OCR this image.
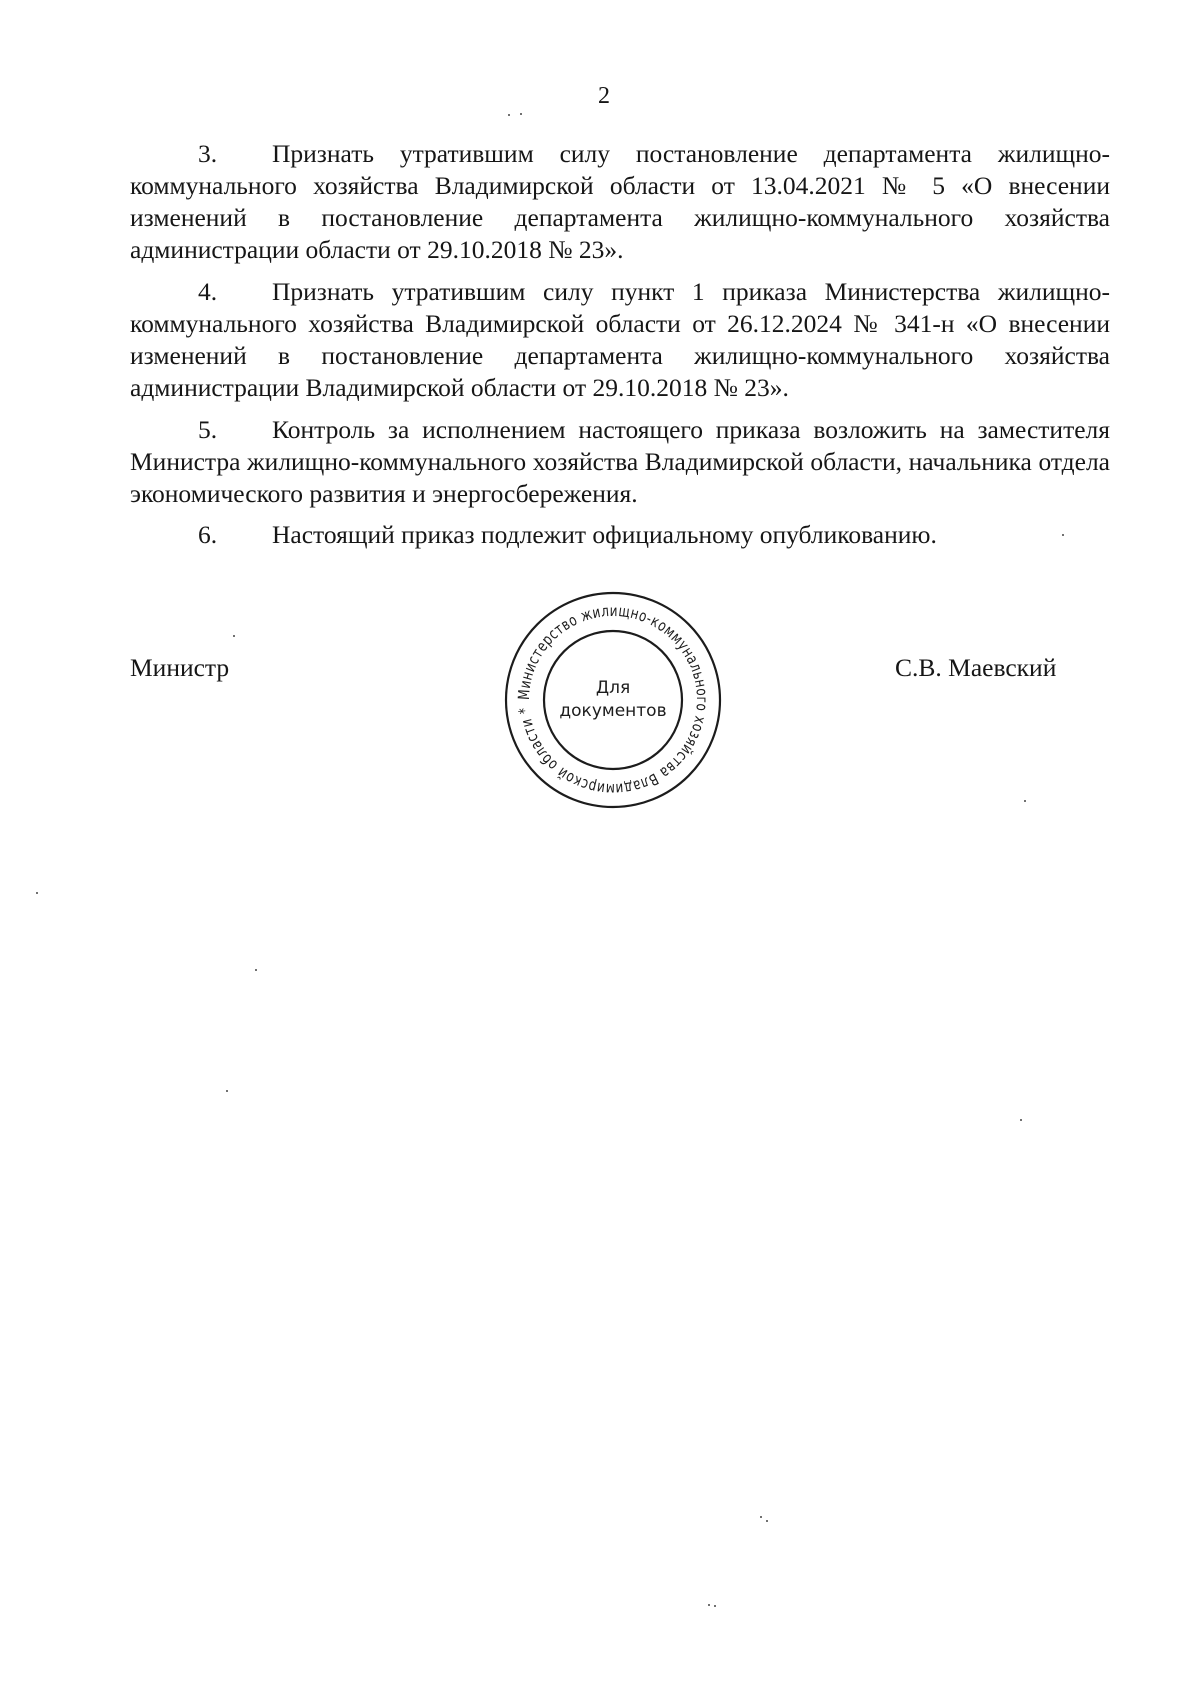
2

3. Признать утратившим силу постановление департамента жилищно-коммунального хозяйства Владимирской области от 13.04.2021 № 5 «О внесении изменений в постановление департамента жилищно-коммунального хозяйства администрации области от 29.10.2018 № 23».

4. Признать утратившим силу пункт 1 приказа Министерства жилищно-коммунального хозяйства Владимирской области от 26.12.2024 № 341-н «О внесении изменений в постановление департамента жилищно-коммунального хозяйства администрации Владимирской области от 29.10.2018 № 23».

5. Контроль за исполнением настоящего приказа возложить на заместителя Министра жилищно-коммунального хозяйства Владимирской области, начальника отдела экономического развития и энергосбережения.

6. Настоящий приказ подлежит официальному опубликованию.

Министр	С.В. Маевский
Министерство жилищно-коммунального хозяйства Владимирской области *
Для
документов
